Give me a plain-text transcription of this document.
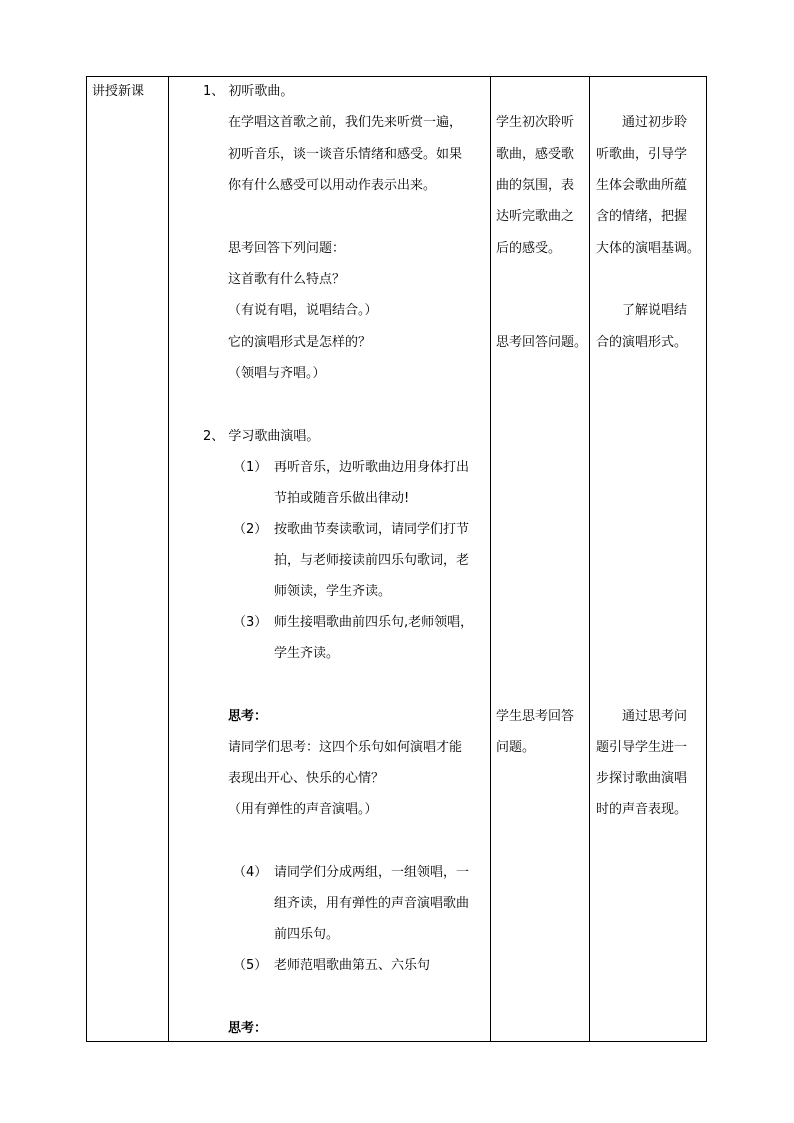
讲授新课	1、 初听歌曲。
在学唱这首歌之前，我们先来听赏一遍，
初听音乐，谈一谈音乐情绪和感受。如果
你有什么感受可以用动作表示出来。
思考回答下列问题：
这首歌有什么特点？
（有说有唱，说唱结合。）
它的演唱形式是怎样的？
（领唱与齐唱。）
2、 学习歌曲演唱。
（1） 再听音乐，边听歌曲边用身体打出
节拍或随音乐做出律动!
（2） 按歌曲节奏读歌词，请同学们打节
拍，与老师接读前四乐句歌词，老
师领读，学生齐读。
（3） 师生接唱歌曲前四乐句,老师领唱，
学生齐读。
思考：
请同学们思考：这四个乐句如何演唱才能
表现出开心、快乐的心情？
（用有弹性的声音演唱。）
（4） 请同学们分成两组，一组领唱，一
组齐读，用有弹性的声音演唱歌曲
前四乐句。
（5） 老师范唱歌曲第五、六乐句
思考：
学生初次聆听
歌曲，感受歌
曲的氛围，表
达听完歌曲之
后的感受。
思考回答问题。
学生思考回答
问题。
通过初步聆
听歌曲，引导学
生体会歌曲所蕴
含的情绪，把握
大体的演唱基调。
了解说唱结
合的演唱形式。
通过思考问
题引导学生进一
步探讨歌曲演唱
时的声音表现。
